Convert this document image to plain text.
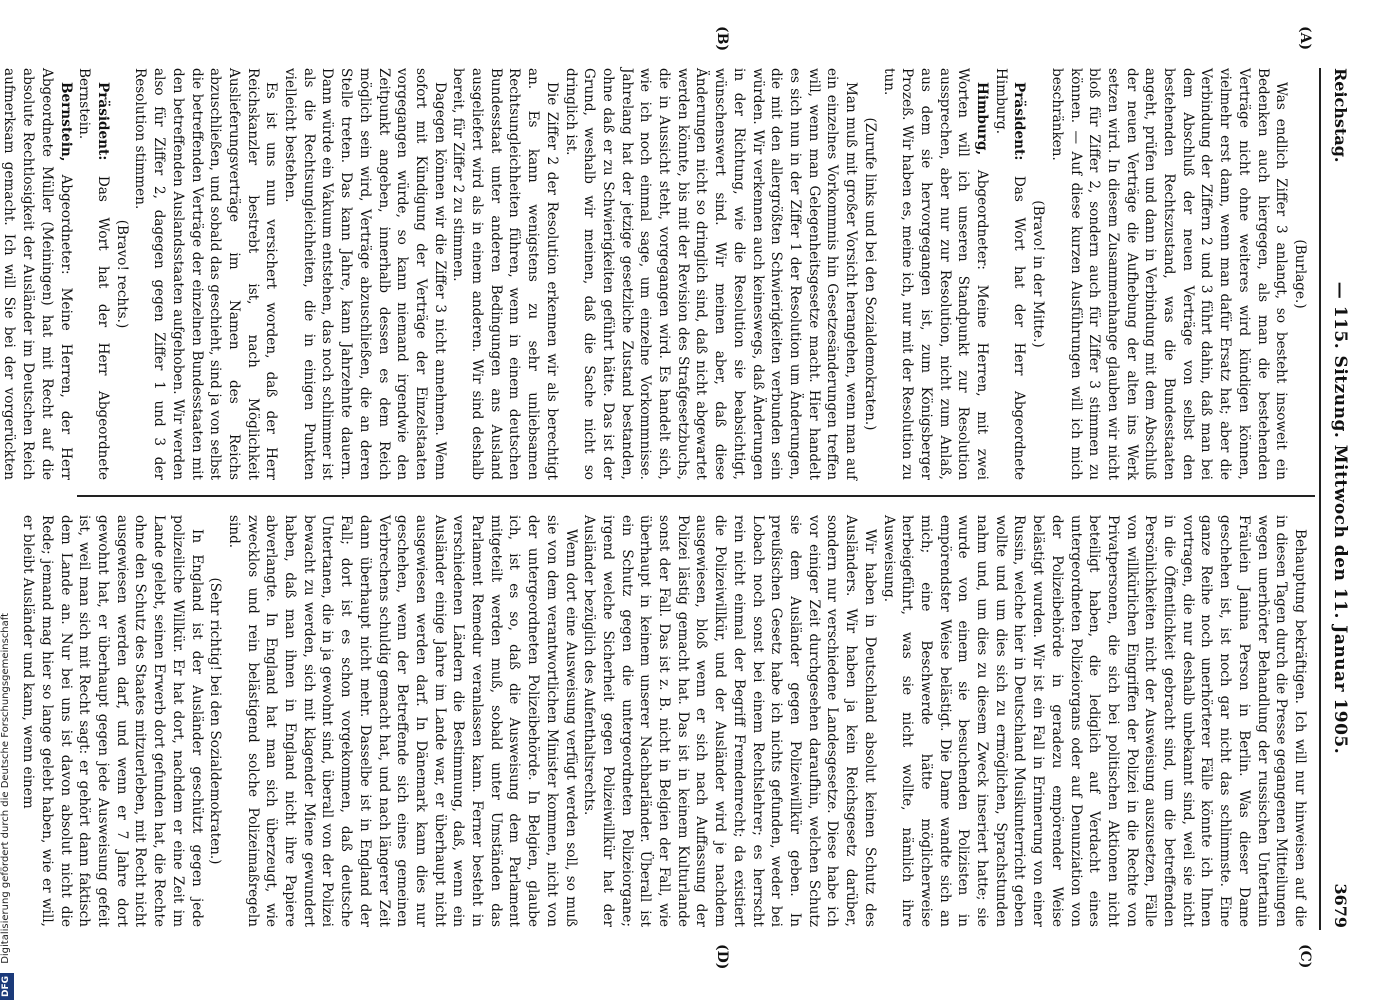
Reichstag.
— 115. Sitzung. Mittwoch den 11. Januar 1905.
3679
(A)
(B)
(C)
(D)

(Burlage.)

Was endlich Ziffer 3 anlangt, so besteht insoweit ein Bedenken auch hiergegen, als man die bestehenden Verträge nicht ohne weiteres wird kündigen können, vielmehr erst dann, wenn man dafür Ersatz hat; aber die Verbindung der Ziffern 2 und 3 führt dahin, daß man bei dem Abschluß der neuen Verträge von selbst den bestehenden Rechtszustand, was die Bundesstaaten angeht, prüfen und dann in Verbindung mit dem Abschluß der neuen Verträge die Aufhebung der alten ins Werk setzen wird. In diesem Zusammenhange glauben wir nicht bloß für Ziffer 2, sondern auch für Ziffer 3 stimmen zu können. — Auf diese kurzen Ausführungen will ich mich beschränken.

(Bravo! in der Mitte.)

Präsident: Das Wort hat der Herr Abgeordnete Himburg.

Himburg, Abgeordneter: Meine Herren, mit zwei Worten will ich unseren Standpunkt zur Resolution aussprechen, aber nur zur Resolution, nicht zum Anlaß, aus dem sie hervorgegangen ist, zum Königsberger Prozeß. Wir haben es, meine ich, nur mit der Resolution zu tun.

(Zurufe links und bei den Sozialdemokraten.)

Man muß mit großer Vorsicht herangehen, wenn man auf ein einzelnes Vorkommnis hin Gesetzesänderungen treffen will, wenn man Gelegenheitsgesetze macht. Hier handelt es sich nun in der Ziffer 1 der Resolution um Änderungen, die mit den allergrößten Schwierigkeiten verbunden sein würden. Wir verkennen auch keineswegs, daß Änderungen in der Richtung, wie die Resolution sie beabsichtigt, wünschenswert sind. Wir meinen aber, daß diese Änderungen nicht so dringlich sind, daß nicht abgewartet werden könnte, bis mit der Revision des Strafgesetzbuchs, die in Aussicht steht, vorgegangen wird. Es handelt sich, wie ich noch einmal sage, um einzelne Vorkommnisse. Jahrelang hat der jetzige gesetzliche Zustand bestanden, ohne daß er zu Schwierigkeiten geführt hätte. Das ist der Grund, weshalb wir meinen, daß die Sache nicht so dringlich ist.

Die Ziffer 2 der Resolution erkennen wir als berechtigt an. Es kann wenigstens zu sehr unliebsamen Rechtsungleichheiten führen, wenn in einem deutschen Bundesstaat unter anderen Bedingungen ans Ausland ausgeliefert wird als in einem anderen. Wir sind deshalb bereit, für Ziffer 2 zu stimmen.

Dagegen können wir die Ziffer 3 nicht annehmen. Wenn sofort mit Kündigung der Verträge der Einzelstaaten vorgegangen würde, so kann niemand irgendwie den Zeitpunkt angeben, innerhalb dessen es dem Reich möglich sein wird, Verträge abzuschließen, die an deren Stelle treten. Das kann Jahre, kann Jahrzehnte dauern. Dann würde ein Vakuum entstehen, das noch schlimmer ist als die Rechtsungleichheiten, die in einigen Punkten vielleicht bestehen.

Es ist uns nun versichert worden, daß der Herr Reichskanzler bestrebt ist, nach Möglichkeit Auslieferungsverträge im Namen des Reichs abzuschließen, und sobald das geschieht, sind ja von selbst die betreffenden Verträge der einzelnen Bundesstaaten mit den betreffenden Auslandsstaaten aufgehoben. Wir werden also für Ziffer 2, dagegen gegen Ziffer 1 und 3 der Resolution stimmen.

(Bravo! rechts.)

Präsident: Das Wort hat der Herr Abgeordnete Bernstein.

Bernstein, Abgeordneter: Meine Herren, der Herr Abgeordnete Müller (Meiningen) hat mit Recht auf die absolute Rechtlosigkeit der Ausländer im Deutschen Reich aufmerksam gemacht. Ich will Sie bei der vorgerückten

Behauptung bekräftigen. Ich will nur hinweisen auf die in diesen Tagen durch die Presse gegangenen Mitteilungen wegen unerhörter Behandlung der russischen Untertanin Fräulein Janina Person in Berlin. Was dieser Dame geschehen ist, ist noch gar nicht das schlimmste. Eine ganze Reihe noch unerhörterer Fälle könnte ich Ihnen vortragen, die nur deshalb unbekannt sind, weil sie nicht in die Öffentlichkeit gebracht sind, um die betreffenden Persönlichkeiten nicht der Ausweisung auszusetzen, Fälle von willkürlichen Eingriffen der Polizei in die Rechte von Privatpersonen, die sich bei politischen Aktionen nicht beteiligt haben, die lediglich auf Verdacht eines untergeordneten Polizeiorgans oder auf Denunziation von der Polizeibehörde in geradezu empörender Weise belästigt wurden. Wir ist ein Fall in Erinnerung von einer Russin, welche hier in Deutschland Musikunterricht geben wollte und um dies sich zu ermöglichen, Sprachstunden nahm und, um dies zu diesem Zweck inseriert hatte; sie wurde von einem sie besuchenden Polizisten in empörendster Weise belästigt. Die Dame wandte sich an mich; eine Beschwerde hätte möglicherweise herbeigeführt, was sie nicht wollte, nämlich ihre Ausweisung.

Wir haben in Deutschland absolut keinen Schutz des Ausländers. Wir haben ja kein Reichsgesetz darüber, sondern nur verschiedene Landesgesetze. Diese habe ich vor einiger Zeit durchgesehen daraufhin, welchen Schutz sie dem Ausländer gegen Polizeiwillkür geben. In preußischen Gesetz habe ich nichts gefunden, weder bei Lobach noch sonst bei einem Rechtslehrer; es herrscht rein nicht einmal der Begriff Fremdenrecht; da existiert die Polizeiwillkür, und der Ausländer wird je nachdem ausgewiesen, bloß wenn er sich nach Auffassung der Polizei lästig gemacht hat. Das ist in keinem Kulturlande sonst der Fall. Das ist z. B. nicht in Belgien der Fall, wie überhaupt in keinem unserer Nachbarländer. Überall ist ein Schutz gegen die untergeordneten Polizeiorgane; irgend welche Sicherheit gegen Polizeiwillkür hat der Ausländer bezüglich des Aufenthaltsrechts.

Wenn dort eine Ausweisung verfügt werden soll, so muß sie von dem verantwortlichen Minister kommen, nicht von der untergeordneten Polizeibehörde. In Belgien, glaube ich, ist es so, daß die Ausweisung dem Parlament mitgeteilt werden muß, sobald unter Umständen das Parlament Remedur veranlassen kann. Ferner besteht in verschiedenen Ländern die Bestimmung, daß, wenn ein Ausländer einige Jahre im Lande war, er überhaupt nicht ausgewiesen werden darf. In Dänemark kann dies nur geschehen, wenn der Betreffende sich eines gemeinen Verbrechens schuldig gemacht hat, und nach längerer Zeit dann überhaupt nicht mehr. Dasselbe ist in England der Fall; dort ist es schon vorgekommen, daß deutsche Untertanen, die in ja gewohnt sind, überall von der Polizei bewacht zu werden, sich mit klagender Miene gewundert haben, daß man ihnen in England nicht ihre Papiere abverlangte. In England hat man sich überzeugt, wie zwecklos und rein belästigend solche Polizeimaßregeln sind.

(Sehr richtig! bei den Sozialdemokraten.)

In England ist der Ausländer geschützt gegen jede polizeiliche Willkür. Er hat dort, nachdem er eine Zeit im Lande gelebt, seinen Erwerb dort gefunden hat, die Rechte ohne den Schutz des Staates mitzuerleben, mit Recht nicht ausgewiesen werden darf, und wenn er 7 Jahre dort gewohnt hat, er überhaupt gegen jede Ausweisung gefeit ist, weil man sich mit Recht sagt: er gehört dann faktisch dem Lande an. Nur bei uns ist davon absolut nicht die Rede; jemand mag hier so lange gelebt haben, wie er will, er bleibt Ausländer und kann, wenn einem

DFG Digitalisierung gefördert durch die Deutsche Forschungsgemeinschaft
